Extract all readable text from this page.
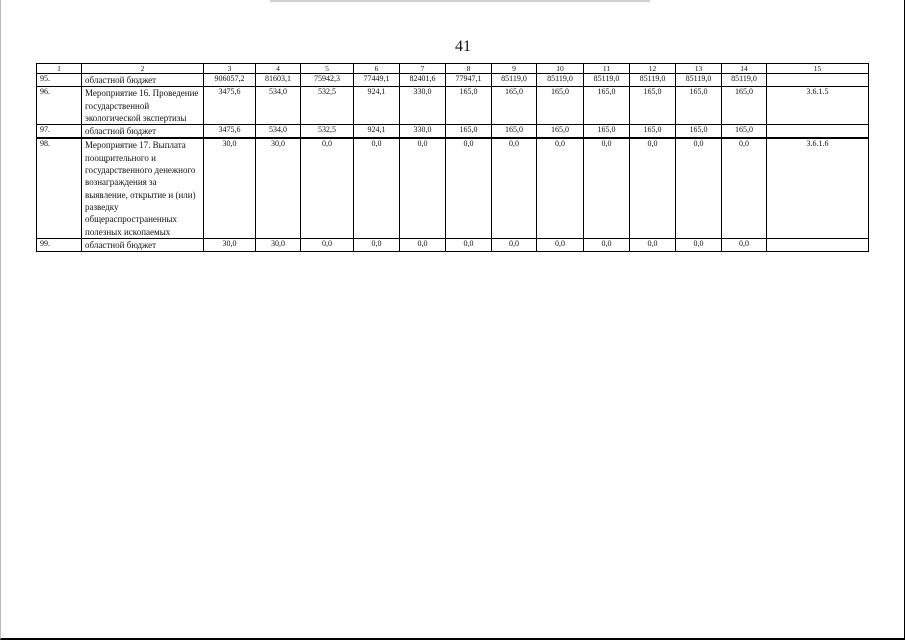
41
1	2	3	4	5	6	7	8	9	10	11	12	13	14	15
95.	областной бюджет	906057,2	81603,1	75942,3	77449,1	82401,6	77947,1	85119,0	85119,0	85119,0	85119,0	85119,0	85119,0	
96.	Мероприятие 16. Проведение государственной экологической экспертизы	3475,6	534,0	532,5	924,1	330,0	165,0	165,0	165,0	165,0	165,0	165,0	165,0	3.6.1.5
97.	областной бюджет	3475,6	534,0	532,5	924,1	330,0	165,0	165,0	165,0	165,0	165,0	165,0	165,0	
98.	Мероприятие 17. Выплата поощрительного и государственного денежного вознаграждения за выявление, открытие и (или) разведку общераспространенных полезных ископаемых	30,0	30,0	0,0	0,0	0,0	0,0	0,0	0,0	0,0	0,0	0,0	0,0	3.6.1.6
99.	областной бюджет	30,0	30,0	0,0	0,0	0,0	0,0	0,0	0,0	0,0	0,0	0,0	0,0	
